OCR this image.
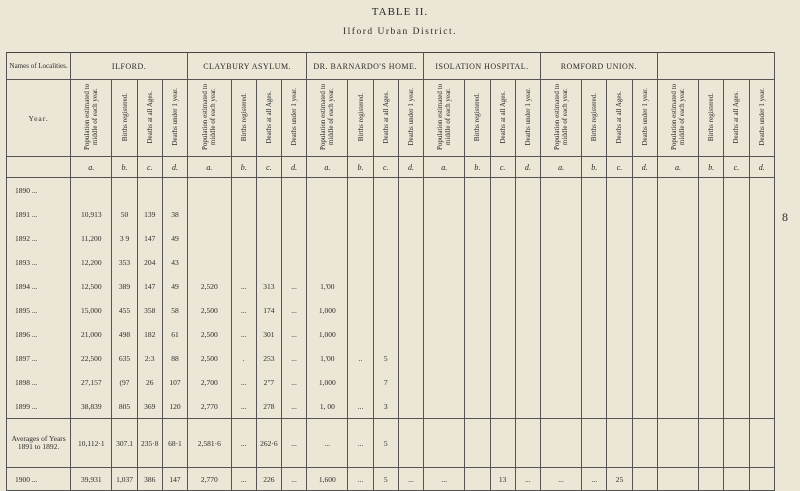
TABLE II.
Ilford Urban District.
8
Names of Localities.	ILFORD.				CLAYBURY ASYLUM.				DR. BARNARDO'S HOME.				ISOLATION HOSPITAL.				ROMFORD UNION.							
Year.	Population estimated to middle of each year.	Births registered.	Deaths at all Ages.	Deaths under 1 year.	Population estimated to middle of each year.	Births registered.	Deaths at all Ages.	Deaths under 1 year.	Population estimated to middle of each year.	Births registered.	Deaths at all Ages.	Deaths under 1 year.	Population estimated to middle of each year.	Births registered.	Deaths at all Ages.	Deaths under 1 year.	Population estimated to middle of each year.	Births registered.	Deaths at all Ages.	Deaths under 1 year.	Population estimated to middle of each year.	Births registered.	Deaths at all Ages.	Deaths under 1 year.
	a.	b.	c.	d.	a.	b.	c.	d.	a.	b.	c.	d.	a.	b.	c.	d.	a.	b.	c.	d.	a.	b.	c.	d.
1890 ...																								
1891 ...	10,913	50	139	38																				
1892 ...	11,200	3 9	147	49																				
1893 ...	12,200	353	204	43																				
1894 ...	12,500	389	147	49	2,520	...	313	...	1,'00															
1895 ...	15,000	455	358	58	2,500	...	174	...	1,000															
1896 ...	21,000	498	182	61	2,500	...	301	...	1,000															
1897 ...	22,500	635	2:3	88	2,500	.	253	...	1,'00	..	5													
1898 ...	27,157	(97	26	107	2,700	...	2"7	...	1,000		7													
1899 ...	38,839	805	369	120	2,770	...	278	...	1, 00	...	3													
Averages of Years 1891 to 1892.	10,112·1	307.1	235·8	68·1	2,581·6	...	262·6	...	...	...	5													
1900 ...	39,931	1,037	386	147	2,770	...	226	...	1,600	...	5	...	...		13	...	...	...	25					
